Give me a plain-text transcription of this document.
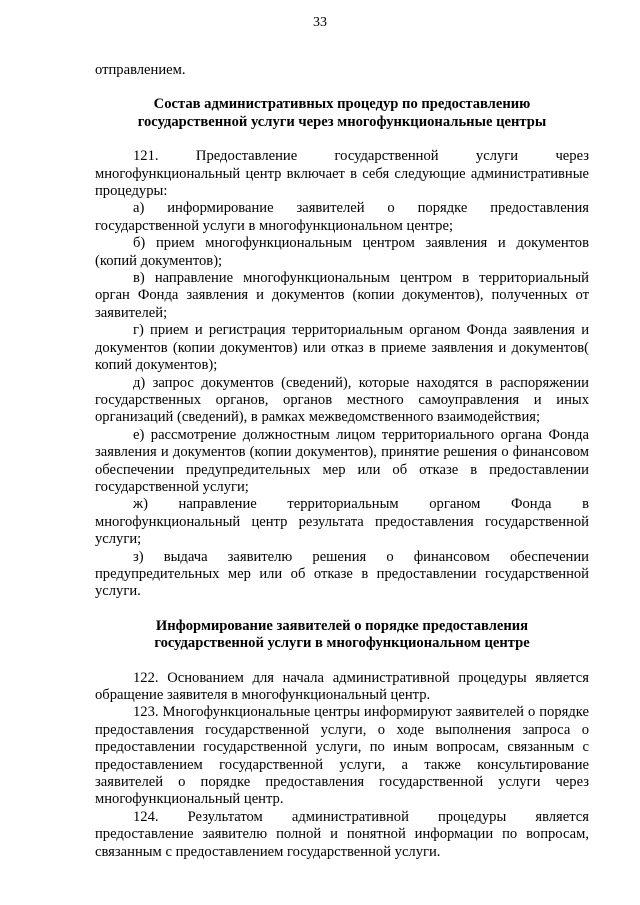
33

отправлением.

Состав административных процедур по предоставлению

государственной услуги через многофункциональные центры

121. Предоставление государственной услуги через многофункциональный центр включает в себя следующие административные процедуры:

а) информирование заявителей о порядке предоставления государственной услуги в многофункциональном центре;

б) прием многофункциональным центром заявления и документов (копий документов);

в) направление многофункциональным центром в территориальный орган Фонда заявления и документов (копии документов), полученных от заявителей;

г) прием и регистрация территориальным органом Фонда заявления и документов (копии документов) или отказ в приеме заявления и документов( копий документов);

д) запрос документов (сведений), которые находятся в распоряжении государственных органов, органов местного самоуправления и иных организаций (сведений), в рамках межведомственного взаимодействия;

е) рассмотрение должностным лицом территориального органа Фонда заявления и документов (копии документов), принятие решения о финансовом обеспечении предупредительных мер или об отказе в предоставлении государственной услуги;

ж) направление территориальным органом Фонда в многофункциональный центр результата предоставления государственной услуги;

з) выдача заявителю решения о финансовом обеспечении предупредительных мер или об отказе в предоставлении государственной услуги.

Информирование заявителей о порядке предоставления

государственной услуги в многофункциональном центре

122. Основанием для начала административной процедуры является обращение заявителя в многофункциональный центр.

123. Многофункциональные центры информируют заявителей о порядке предоставления государственной услуги, о ходе выполнения запроса о предоставлении государственной услуги, по иным вопросам, связанным с предоставлением государственной услуги, а также консультирование заявителей о порядке предоставления государственной услуги через многофункциональный центр.

124. Результатом административной процедуры является предоставление заявителю полной и понятной информации по вопросам, связанным с предоставлением государственной услуги.
